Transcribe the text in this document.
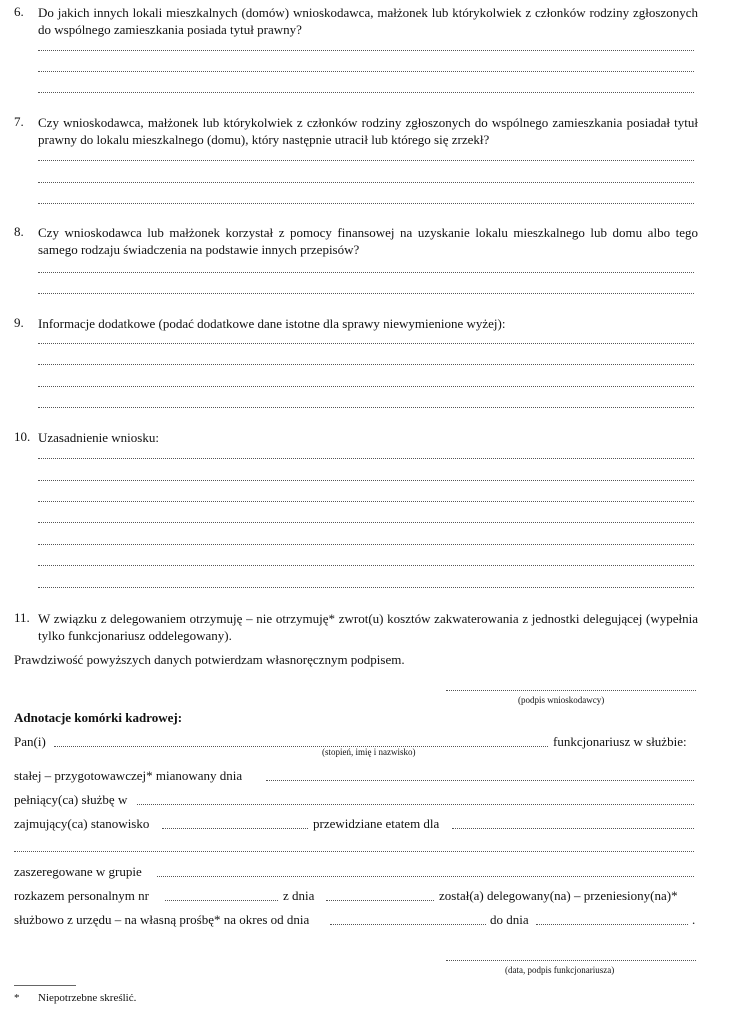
6. Do jakich innych lokali mieszkalnych (domów) wnioskodawca, małżonek lub którykolwiek z członków rodziny zgłoszonych do wspólnego zamieszkania posiada tytuł prawny?
7. Czy wnioskodawca, małżonek lub którykolwiek z członków rodziny zgłoszonych do wspólnego zamieszkania posiadał tytuł prawny do lokalu mieszkalnego (domu), który następnie utracił lub którego się zrzekł?
8. Czy wnioskodawca lub małżonek korzystał z pomocy finansowej na uzyskanie lokalu mieszkalnego lub domu albo tego samego rodzaju świadczenia na podstawie innych przepisów?
9. Informacje dodatkowe (podać dodatkowe dane istotne dla sprawy niewymienione wyżej):
10. Uzasadnienie wniosku:
11. W związku z delegowaniem otrzymuję – nie otrzymuję* zwrot(u) kosztów zakwaterowania z jednostki delegującej (wypełnia tylko funkcjonariusz oddelegowany).
Prawdziwość powyższych danych potwierdzam własnoręcznym podpisem.
(podpis wnioskodawcy)
Adnotacje komórki kadrowej:
Pan(i)	funkcjonariusz w służbie:
(stopień, imię i nazwisko)
stałej – przygotowawczej* mianowany dnia
pełniący(ca) służbę w
zajmujący(ca) stanowisko	przewidziane etatem dla
zaszeregowane w grupie
rozkazem personalnym nr	z dnia	został(a) delegowany(na) – przeniesiony(na)*
służbowo z urzędu – na własną prośbę* na okres od dnia	do dnia	.
(data, podpis funkcjonariusza)
* Niepotrzebne skreślić.
